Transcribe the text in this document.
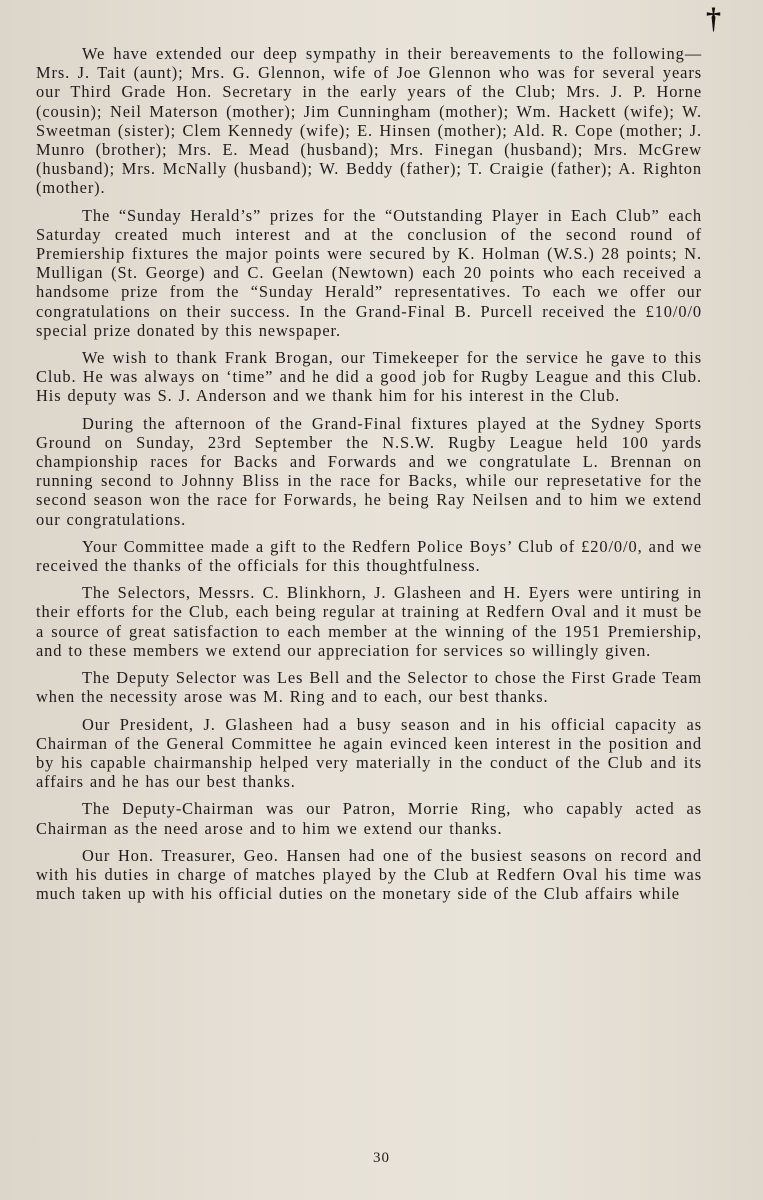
†

We have extended our deep sympathy in their bereavements to the following—Mrs. J. Tait (aunt); Mrs. G. Glennon, wife of Joe Glennon who was for several years our Third Grade Hon. Secretary in the early years of the Club; Mrs. J. P. Horne (cousin); Neil Materson (mother); Jim Cunningham (mother); Wm. Hackett (wife); W. Sweetman (sister); Clem Kennedy (wife); E. Hinsen (mother); Ald. R. Cope (mother; J. Munro (brother); Mrs. E. Mead (husband); Mrs. Finegan (husband); Mrs. McGrew (husband); Mrs. McNally (husband); W. Beddy (father); T. Craigie (father); A. Righton (mother).

The “Sunday Herald’s” prizes for the “Outstanding Player in Each Club” each Saturday created much interest and at the conclusion of the second round of Premiership fixtures the major points were secured by K. Holman (W.S.) 28 points; N. Mulligan (St. George) and C. Geelan (Newtown) each 20 points who each received a handsome prize from the “Sunday Herald” representatives. To each we offer our congratulations on their success. In the Grand-Final B. Purcell received the £10/0/0 special prize donated by this newspaper.

We wish to thank Frank Brogan, our Timekeeper for the service he gave to this Club. He was always on ‘time” and he did a good job for Rugby League and this Club. His deputy was S. J. Anderson and we thank him for his interest in the Club.

During the afternoon of the Grand-Final fixtures played at the Sydney Sports Ground on Sunday, 23rd September the N.S.W. Rugby League held 100 yards championship races for Backs and Forwards and we congratulate L. Brennan on running second to Johnny Bliss in the race for Backs, while our represetative for the second season won the race for Forwards, he being Ray Neilsen and to him we extend our congratulations.

Your Committee made a gift to the Redfern Police Boys’ Club of £20/0/0, and we received the thanks of the officials for this thoughtfulness.

The Selectors, Messrs. C. Blinkhorn, J. Glasheen and H. Eyers were untiring in their efforts for the Club, each being regular at training at Redfern Oval and it must be a source of great satisfaction to each member at the winning of the 1951 Premiership, and to these members we extend our appreciation for services so willingly given.

The Deputy Selector was Les Bell and the Selector to chose the First Grade Team when the necessity arose was M. Ring and to each, our best thanks.

Our President, J. Glasheen had a busy season and in his official capacity as Chairman of the General Committee he again evinced keen interest in the position and by his capable chairmanship helped very materially in the conduct of the Club and its affairs and he has our best thanks.

The Deputy-Chairman was our Patron, Morrie Ring, who capably acted as Chairman as the need arose and to him we extend our thanks.

Our Hon. Treasurer, Geo. Hansen had one of the busiest seasons on record and with his duties in charge of matches played by the Club at Redfern Oval his time was much taken up with his official duties on the monetary side of the Club affairs while

30
